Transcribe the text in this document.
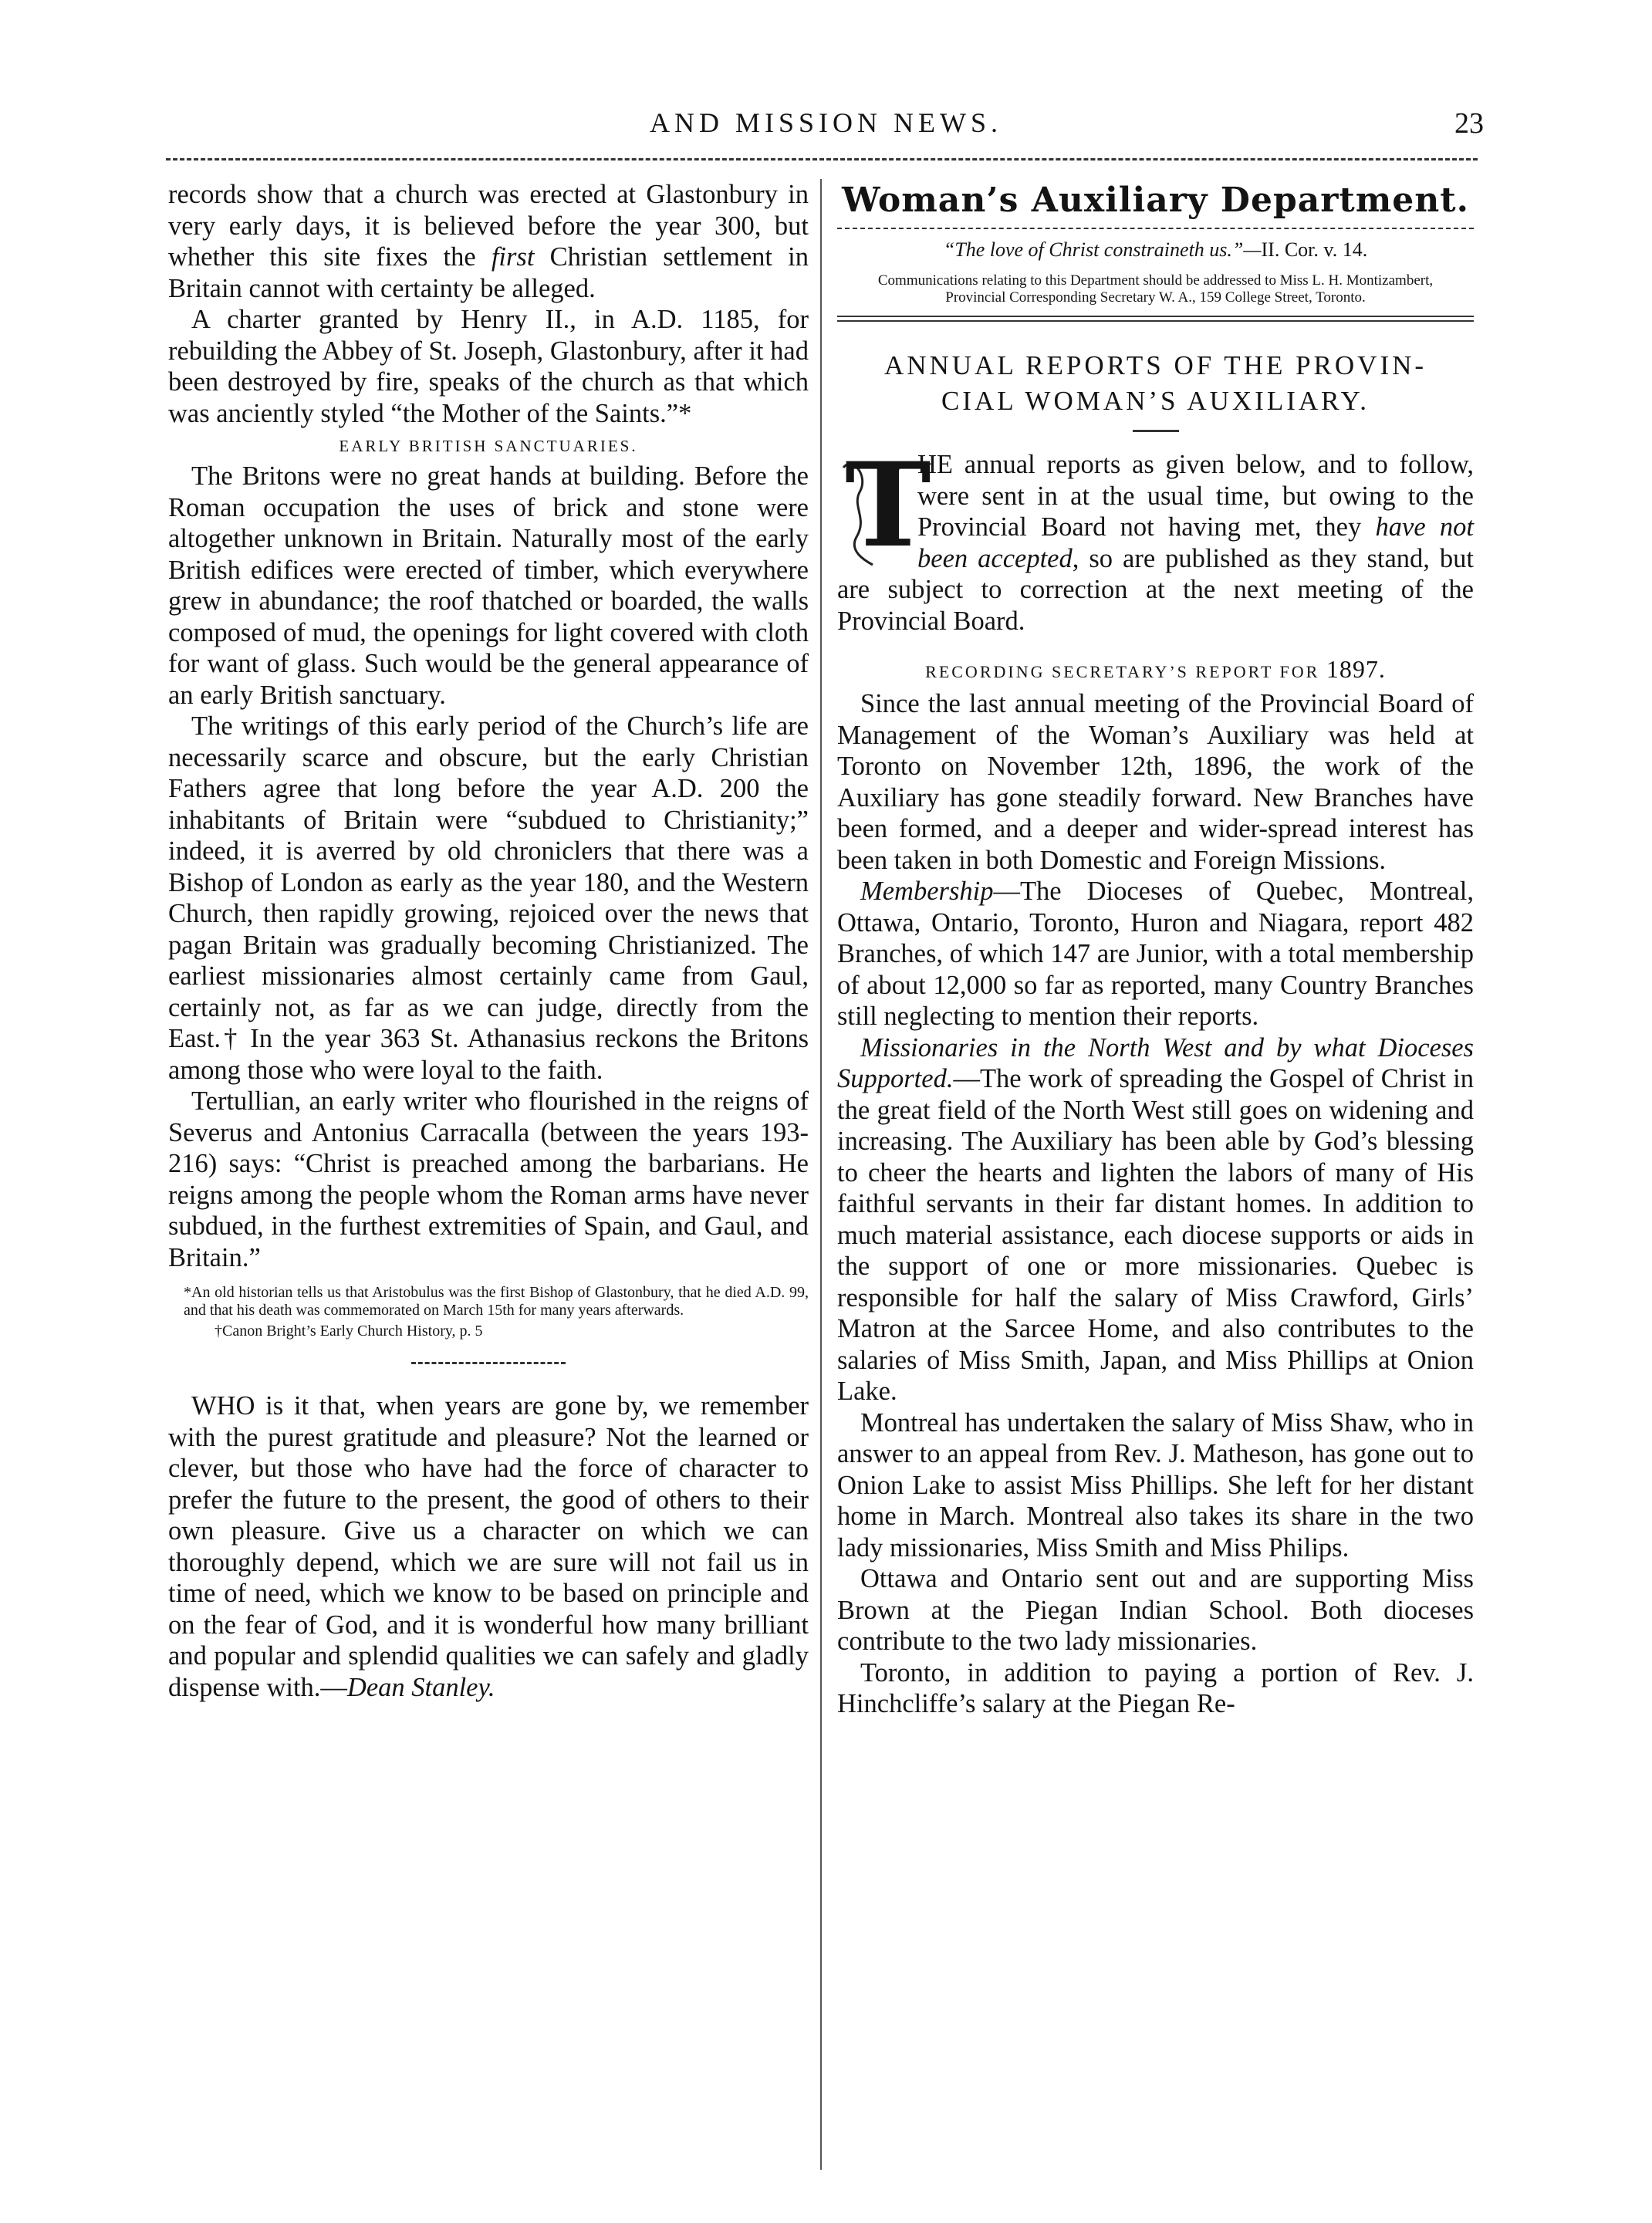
AND MISSION NEWS.	23

records show that a church was erected at Glastonbury in very early days, it is believed before the year 300, but whether this site fixes the first Christian settlement in Britain cannot with certainty be alleged.

A charter granted by Henry II., in A.D. 1185, for rebuilding the Abbey of St. Joseph, Glastonbury, after it had been destroyed by fire, speaks of the church as that which was anciently styled “the Mother of the Saints.”*

EARLY BRITISH SANCTUARIES.

The Britons were no great hands at building. Before the Roman occupation the uses of brick and stone were altogether unknown in Britain. Naturally most of the early British edifices were erected of timber, which everywhere grew in abundance; the roof thatched or boarded, the walls composed of mud, the openings for light covered with cloth for want of glass. Such would be the general appearance of an early British sanctuary.

The writings of this early period of the Church’s life are necessarily scarce and obscure, but the early Christian Fathers agree that long before the year A.D. 200 the inhabitants of Britain were “subdued to Christianity;” indeed, it is averred by old chroniclers that there was a Bishop of London as early as the year 180, and the Western Church, then rapidly growing, rejoiced over the news that pagan Britain was gradually becoming Christianized. The earliest missionaries almost certainly came from Gaul, certainly not, as far as we can judge, directly from the East.† In the year 363 St. Athanasius reckons the Britons among those who were loyal to the faith.

Tertullian, an early writer who flourished in the reigns of Severus and Antonius Carracalla (between the years 193-216) says: “Christ is preached among the barbarians. He reigns among the people whom the Roman arms have never subdued, in the furthest extremities of Spain, and Gaul, and Britain.”

*An old historian tells us that Aristobulus was the first Bishop of Glastonbury, that he died A.D. 99, and that his death was commemorated on March 15th for many years afterwards.
†Canon Bright’s Early Church History, p. 5

WHO is it that, when years are gone by, we remember with the purest gratitude and pleasure? Not the learned or clever, but those who have had the force of character to prefer the future to the present, the good of others to their own pleasure. Give us a character on which we can thoroughly depend, which we are sure will not fail us in time of need, which we know to be based on principle and on the fear of God, and it is wonderful how many brilliant and popular and splendid qualities we can safely and gladly dispense with.—Dean Stanley.

Woman’s Auxiliary Department.
“The love of Christ constraineth us.”—II. Cor. v. 14.
Communications relating to this Department should be addressed to Miss L. H. Montizambert, Provincial Corresponding Secretary W. A., 159 College Street, Toronto.
ANNUAL REPORTS OF THE PROVIN-
CIAL WOMAN’S AUXILIARY.
T

HE annual reports as given below, and to follow, were sent in at the usual time, but owing to the Provincial Board not having met, they have not been accepted, so are published as they stand, but are subject to correction at the next meeting of the Provincial Board.

RECORDING SECRETARY’S REPORT FOR 1897.

Since the last annual meeting of the Provincial Board of Management of the Woman’s Auxiliary was held at Toronto on November 12th, 1896, the work of the Auxiliary has gone steadily forward. New Branches have been formed, and a deeper and wider-spread interest has been taken in both Domestic and Foreign Missions.

Membership—The Dioceses of Quebec, Montreal, Ottawa, Ontario, Toronto, Huron and Niagara, report 482 Branches, of which 147 are Junior, with a total membership of about 12,000 so far as reported, many Country Branches still neglecting to mention their reports.

Missionaries in the North West and by what Dioceses Supported.—The work of spreading the Gospel of Christ in the great field of the North West still goes on widening and increasing. The Auxiliary has been able by God’s blessing to cheer the hearts and lighten the labors of many of His faithful servants in their far distant homes. In addition to much material assistance, each diocese supports or aids in the support of one or more missionaries. Quebec is responsible for half the salary of Miss Crawford, Girls’ Matron at the Sarcee Home, and also contributes to the salaries of Miss Smith, Japan, and Miss Phillips at Onion Lake.

Montreal has undertaken the salary of Miss Shaw, who in answer to an appeal from Rev. J. Matheson, has gone out to Onion Lake to assist Miss Phillips. She left for her distant home in March. Montreal also takes its share in the two lady missionaries, Miss Smith and Miss Philips.

Ottawa and Ontario sent out and are supporting Miss Brown at the Piegan Indian School. Both dioceses contribute to the two lady missionaries.

Toronto, in addition to paying a portion of Rev. J. Hinchcliffe’s salary at the Piegan Re-
